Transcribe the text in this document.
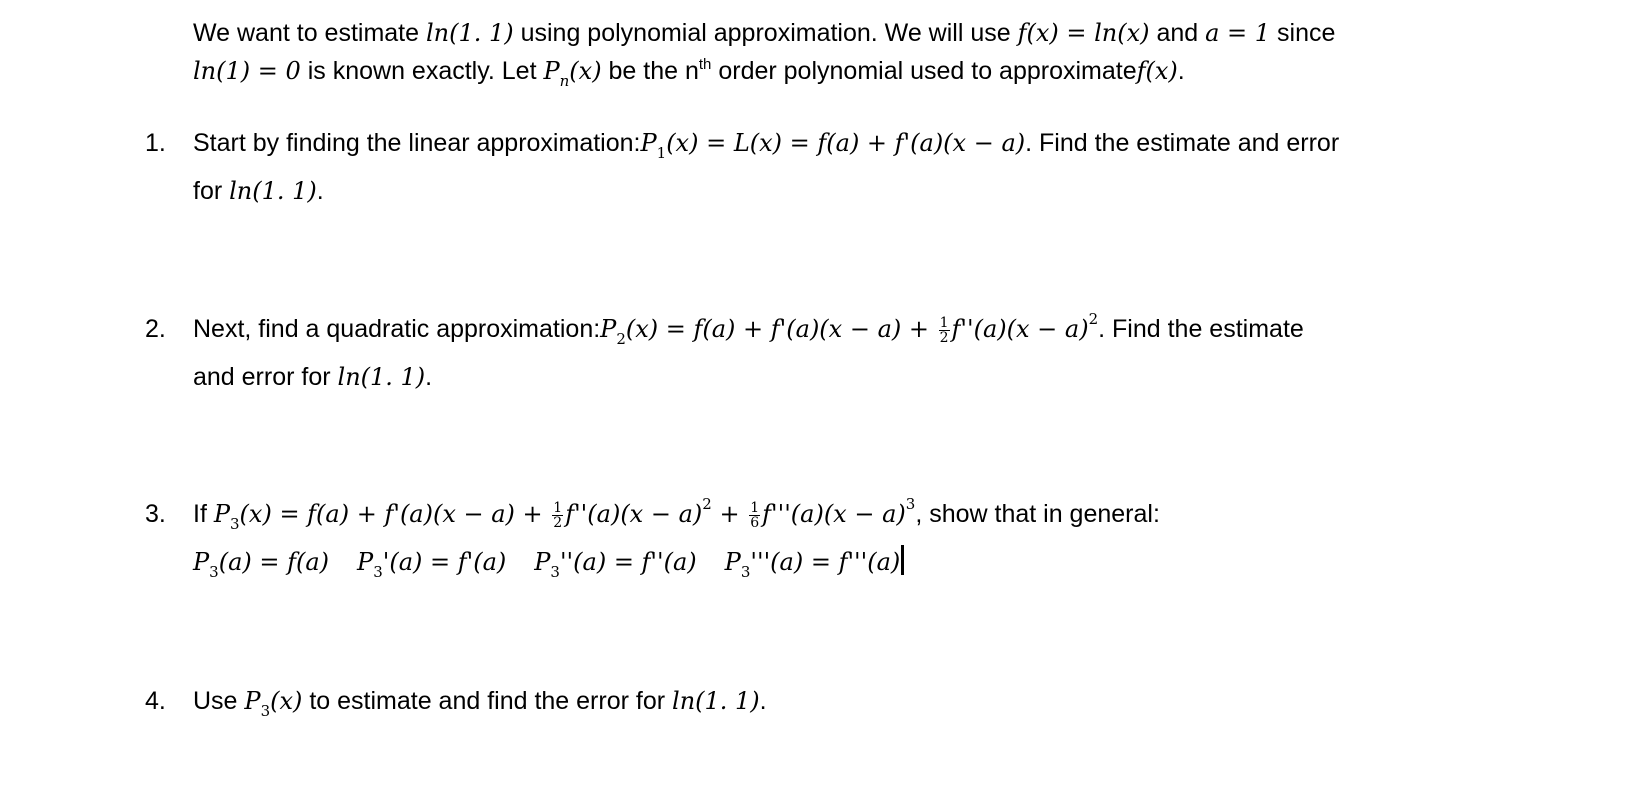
We want to estimate ln(1. 1) using polynomial approximation. We will use f(x) = ln(x) and a = 1 since
ln(1) = 0 is known exactly. Let $P_n(x)$ be the $n^{th}$ order polynomial used to approximatef(x).
1. Start by finding the linear $approximation:P_1(x) = L(x) = f(a) + f'(a)(x - a)$. Find the estimate and error
for ln(1. 1).
2. Next, find a quadratic $approximation:P_2(x) = f(a) + f'(a)(x - a) + \frac{1}{2} f''(a)(x - a)^2$. Find the estimate
and error for ln(1. 1).
3. If $P_3(x) = f(a) + f'(a)(x - a) + \frac{1}{2} f''(a)(x - a)^2 + \frac{1}{6} f'''(a)(x - a)^3$, show that in general:
$P_3(a) = f(a) P_3'(a) = f'(a) P_3''(a) = f''(a) P_3'''(a) = f'''(a)$
4. Use $P_3(x)$ to estimate and find the error for ln(1. 1).
